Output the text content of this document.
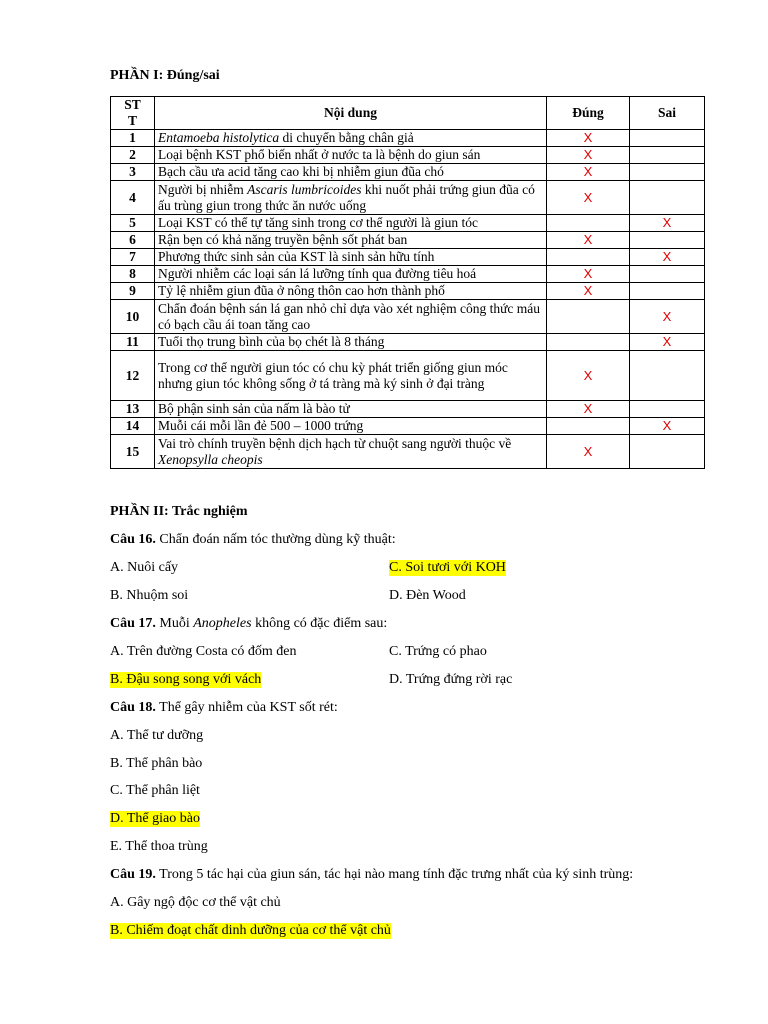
PHẦN I: Đúng/sai
STT	Nội dung	Đúng	Sai
1	Entamoeba histolytica di chuyển bằng chân giả	X	
2	Loại bệnh KST phổ biến nhất ở nước ta là bệnh do giun sán	X	
3	Bạch cầu ưa acid tăng cao khi bị nhiễm giun đũa chó	X	
4	Người bị nhiễm Ascaris lumbricoides khi nuốt phải trứng giun đũa có ấu trùng giun trong thức ăn nước uống	X	
5	Loại KST có thể tự tăng sinh trong cơ thể người là giun tóc		X
6	Rận bẹn có khả năng truyền bệnh sốt phát ban	X	
7	Phương thức sinh sản của KST là sinh sản hữu tính		X
8	Người nhiễm các loại sán lá lưỡng tính qua đường tiêu hoá	X	
9	Tỷ lệ nhiễm giun đũa ở nông thôn cao hơn thành phố	X	
10	Chẩn đoán bệnh sán lá gan nhỏ chỉ dựa vào xét nghiệm công thức máu có bạch cầu ái toan tăng cao		X
11	Tuổi thọ trung bình của bọ chét là 8 tháng		X
12	Trong cơ thể người giun tóc có chu kỳ phát triển giống giun móc nhưng giun tóc không sống ở tá tràng mà ký sinh ở đại tràng	X	
13	Bộ phận sinh sản của nấm là bào tử	X	
14	Muỗi cái mỗi lần đẻ 500 – 1000 trứng		X
15	Vai trò chính truyền bệnh dịch hạch từ chuột sang người thuộc về Xenopsylla cheopis	X	
PHẦN II: Trắc nghiệm
Câu 16. Chẩn đoán nấm tóc thường dùng kỹ thuật:
A. Nuôi cấy	C. Soi tươi với KOH
B. Nhuộm soi	D. Đèn Wood
Câu 17. Muỗi Anopheles không có đặc điểm sau:
A. Trên đường Costa có đốm đen	C. Trứng có phao
B. Đậu song song với vách	D. Trứng đứng rời rạc
Câu 18. Thể gây nhiễm của KST sốt rét:
A. Thể tư dưỡng
B. Thể phân bào
C. Thể phân liệt
D. Thể giao bào
E. Thể thoa trùng
Câu 19. Trong 5 tác hại của giun sán, tác hại nào mang tính đặc trưng nhất của ký sinh trùng:
A. Gây ngộ độc cơ thể vật chủ
B. Chiếm đoạt chất dinh dưỡng của cơ thể vật chủ
